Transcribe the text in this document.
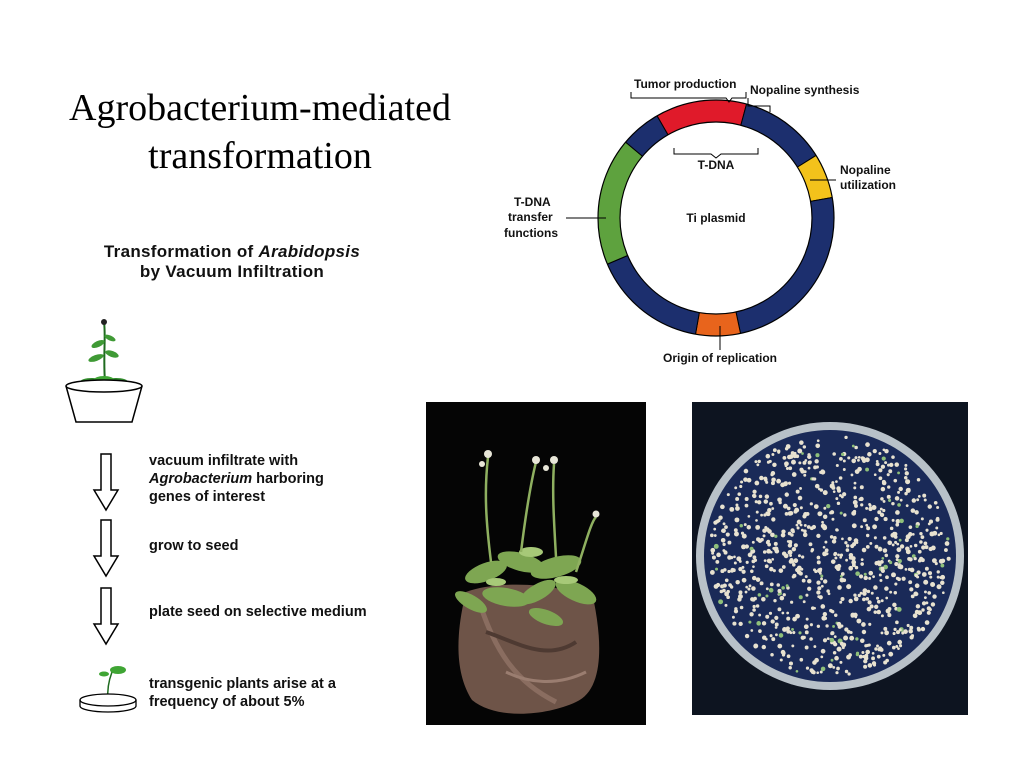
Agrobacterium-mediated
transformation
Transformation of Arabidopsis
by Vacuum Infiltration
vacuum infiltrate with
Agrobacterium harboring
genes of interest
grow to seed
plate seed on selective medium
transgenic plants arise at a
frequency of about 5%
Ti plasmid
Tumor production Nopaline synthesis
T-DNA	Nopaline
utilization
T-DNA
transfer
functions
Origin of replication
